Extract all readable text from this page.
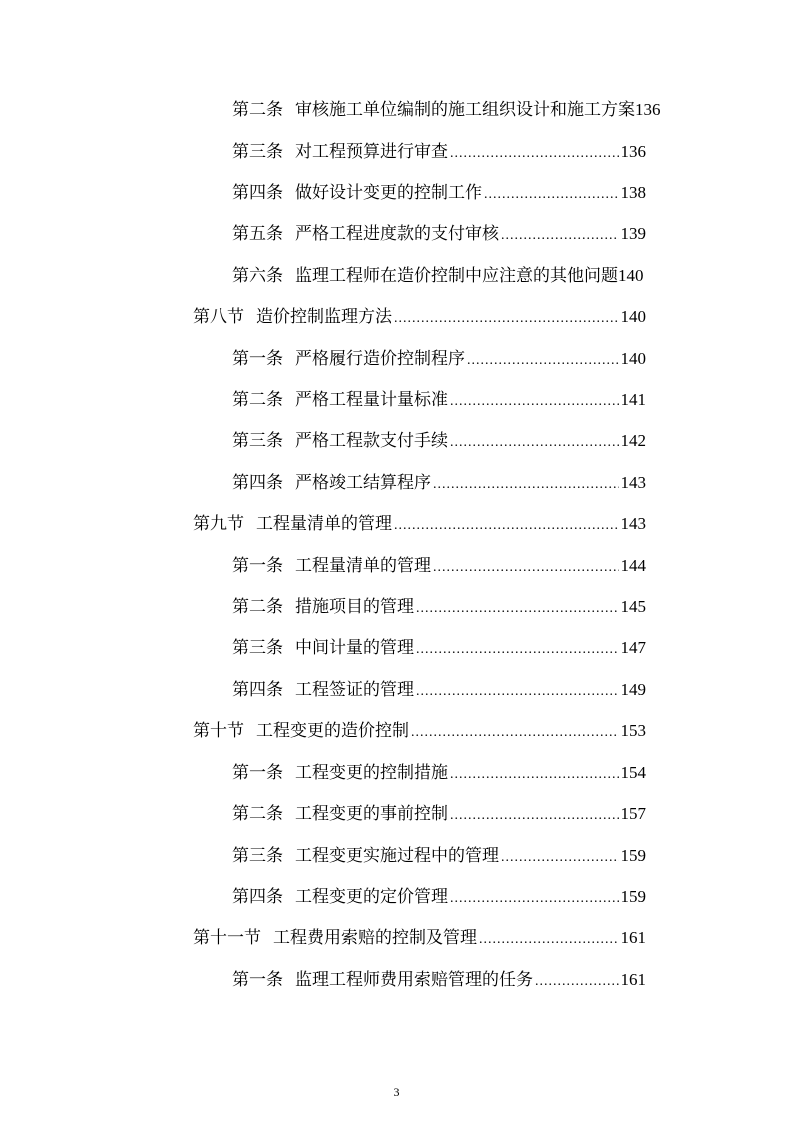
第二条 审核施工单位编制的施工组织设计和施工方案 136
第三条 对工程预算进行审查 .....	136
第四条 做好设计变更的控制工作 .....	138
第五条 严格工程进度款的支付审核 .....	139
第六条 监理工程师在造价控制中应注意的其他问题 140
第八节 造价控制监理方法 .....	140
第一条 严格履行造价控制程序 .....	140
第二条 严格工程量计量标准 .....	141
第三条 严格工程款支付手续 .....	142
第四条 严格竣工结算程序 .....	143
第九节 工程量清单的管理 .....	143
第一条 工程量清单的管理 .....	144
第二条 措施项目的管理 .....	145
第三条 中间计量的管理 .....	147
第四条 工程签证的管理 .....	149
第十节 工程变更的造价控制 .....	153
第一条 工程变更的控制措施 .....	154
第二条 工程变更的事前控制 .....	157
第三条 工程变更实施过程中的管理 .....	159
第四条 工程变更的定价管理 .....	159
第十一节 工程费用索赔的控制及管理 .....	161
第一条 监理工程师费用索赔管理的任务 .....	161
3
